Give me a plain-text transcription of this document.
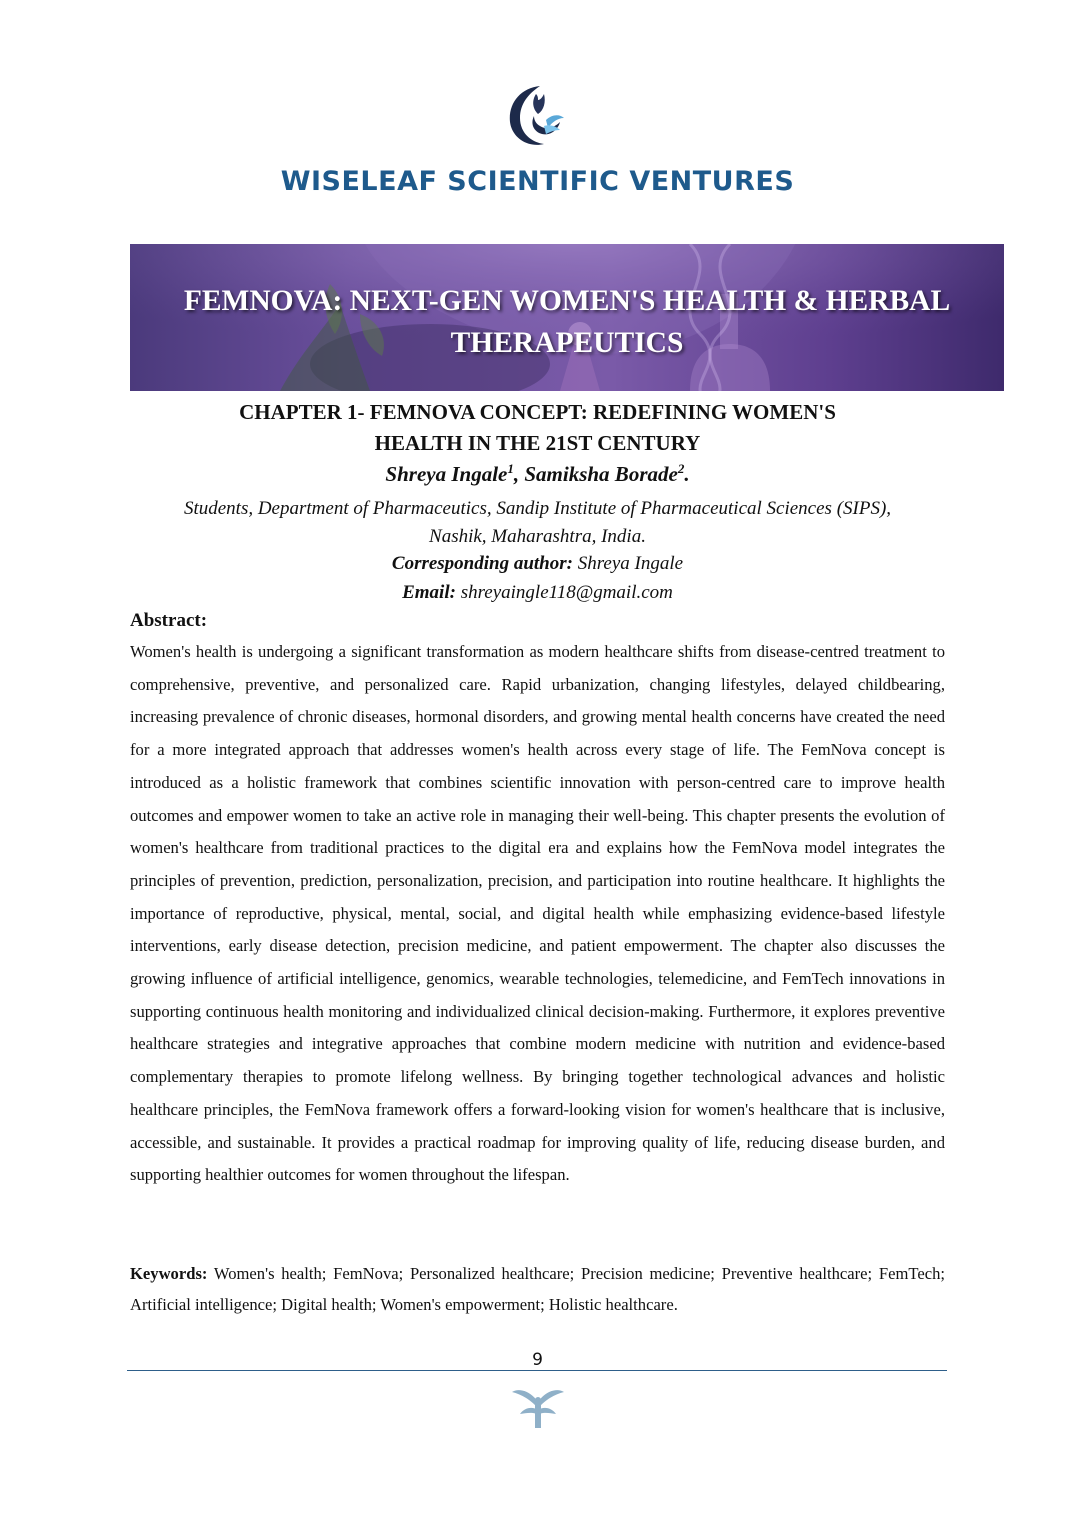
WISELEAF SCIENTIFIC VENTURES
FEMNOVA: NEXT-GEN WOMEN'S HEALTH & HERBAL
THERAPEUTICS
CHAPTER 1- FEMNOVA CONCEPT: REDEFINING WOMEN'S
HEALTH IN THE 21ST CENTURY
Shreya Ingale$^1$, Samiksha Borade$^2$.
Students, Department of Pharmaceutics, Sandip Institute of Pharmaceutical Sciences (SIPS),
Nashik, Maharashtra, India.
Corresponding author: Shreya Ingale
Email: shreyaingle118@gmail.com
Abstract:

Women's health is undergoing a significant transformation as modern healthcare shifts from disease-centred treatment to comprehensive, preventive, and personalized care. Rapid urbanization, changing lifestyles, delayed childbearing, increasing prevalence of chronic diseases, hormonal disorders, and growing mental health concerns have created the need for a more integrated approach that addresses women's health across every stage of life. The FemNova concept is introduced as a holistic framework that combines scientific innovation with person-centred care to improve health outcomes and empower women to take an active role in managing their well-being. This chapter presents the evolution of women's healthcare from traditional practices to the digital era and explains how the FemNova model integrates the principles of prevention, prediction, personalization, precision, and participation into routine healthcare. It highlights the importance of reproductive, physical, mental, social, and digital health while emphasizing evidence-based lifestyle interventions, early disease detection, precision medicine, and patient empowerment. The chapter also discusses the growing influence of artificial intelligence, genomics, wearable technologies, telemedicine, and FemTech innovations in supporting continuous health monitoring and individualized clinical decision-making. Furthermore, it explores preventive healthcare strategies and integrative approaches that combine modern medicine with nutrition and evidence-based complementary therapies to promote lifelong wellness. By bringing together technological advances and holistic healthcare principles, the FemNova framework offers a forward-looking vision for women's healthcare that is inclusive, accessible, and sustainable. It provides a practical roadmap for improving quality of life, reducing disease burden, and supporting healthier outcomes for women throughout the lifespan.

Keywords: Women's health; FemNova; Personalized healthcare; Precision medicine; Preventive healthcare; FemTech; Artificial intelligence; Digital health; Women's empowerment; Holistic healthcare.

9
